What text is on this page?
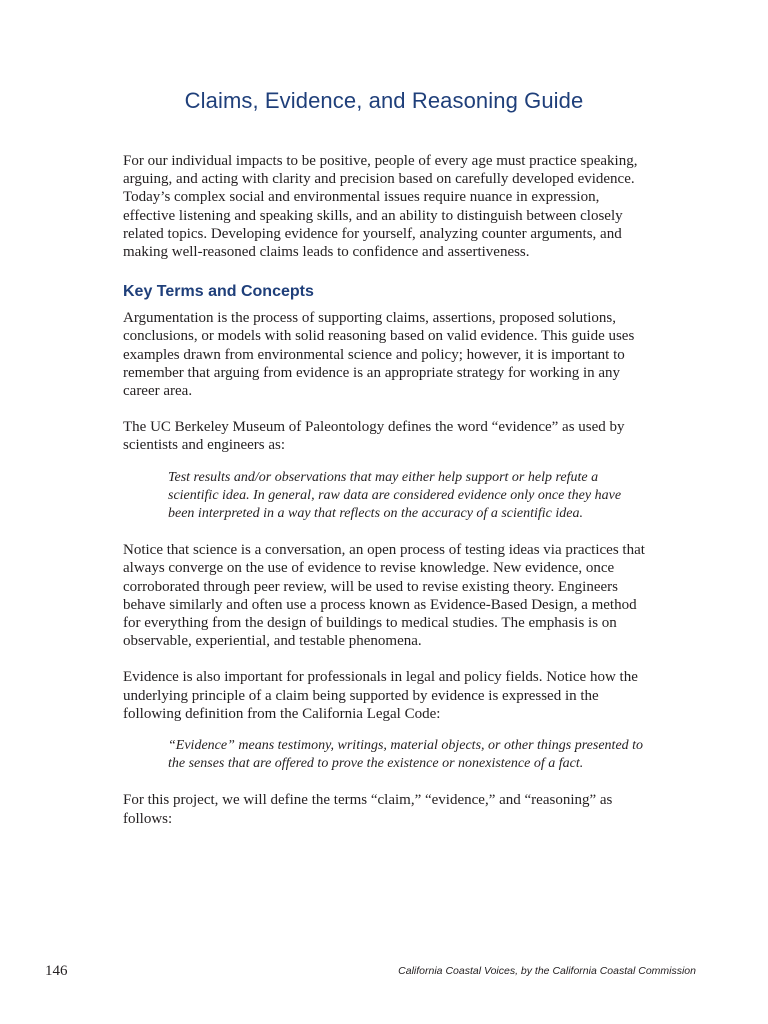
Claims, Evidence, and Reasoning Guide

For our individual impacts to be positive, people of every age must practice speaking, arguing, and acting with clarity and precision based on carefully developed evidence. Today’s complex social and environmental issues require nuance in expression, effective listening and speaking skills, and an ability to distinguish between closely related topics. Developing evidence for yourself, analyzing counter arguments, and making well-reasoned claims leads to confidence and assertiveness.

Key Terms and Concepts

Argumentation is the process of supporting claims, assertions, proposed solutions, conclusions, or models with solid reasoning based on valid evidence. This guide uses examples drawn from environmental science and policy; however, it is important to remember that arguing from evidence is an appropriate strategy for working in any career area.

The UC Berkeley Museum of Paleontology defines the word “evidence” as used by scientists and engineers as:

Test results and/or observations that may either help support or help refute a scientific idea. In general, raw data are considered evidence only once they have been interpreted in a way that reflects on the accuracy of a scientific idea.

Notice that science is a conversation, an open process of testing ideas via practices that always converge on the use of evidence to revise knowledge. New evidence, once corroborated through peer review, will be used to revise existing theory. Engineers behave similarly and often use a process known as Evidence-Based Design, a method for everything from the design of buildings to medical studies. The emphasis is on observable, experiential, and testable phenomena.

Evidence is also important for professionals in legal and policy fields. Notice how the underlying principle of a claim being supported by evidence is expressed in the following definition from the California Legal Code:

“Evidence” means testimony, writings, material objects, or other things presented to the senses that are offered to prove the existence or nonexistence of a fact.

For this project, we will define the terms “claim,” “evidence,” and “reasoning” as follows:

146	California Coastal Voices, by the California Coastal Commission
